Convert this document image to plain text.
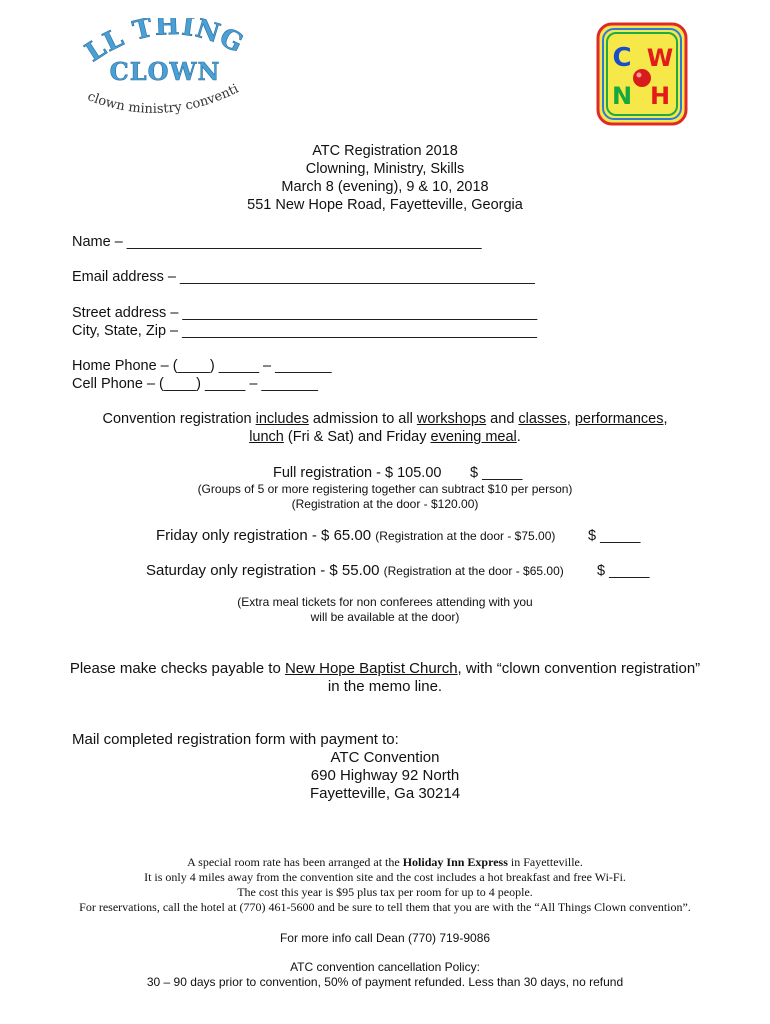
LL THING
CLOWN
clown ministry conventi
C W
N H
ATC Registration 2018
Clowning, Ministry, Skills
March 8 (evening), 9 & 10, 2018
551 New Hope Road, Fayetteville, Georgia
Name – ____________________________________________
Email address – ____________________________________________
Street address – ____________________________________________
City, State, Zip – ____________________________________________
Home Phone – (____) _____ – _______
Cell Phone – (____) _____ – _______
Convention registration includes admission to all workshops and classes, performances,
lunch (Fri & Sat) and Friday evening meal.
Full registration - $ 105.00 $ _____
(Groups of 5 or more registering together can subtract $10 per person)
(Registration at the door - $120.00)
Friday only registration - $ 65.00 (Registration at the door - $75.00) $ _____
Saturday only registration - $ 55.00 (Registration at the door - $65.00) $ _____
(Extra meal tickets for non conferees attending with you
will be available at the door)
Please make checks payable to New Hope Baptist Church, with “clown convention registration”
in the memo line.
Mail completed registration form with payment to:
ATC Convention
690 Highway 92 North
Fayetteville, Ga 30214
A special room rate has been arranged at the Holiday Inn Express in Fayetteville.
It is only 4 miles away from the convention site and the cost includes a hot breakfast and free Wi-Fi.
The cost this year is $95 plus tax per room for up to 4 people.
For reservations, call the hotel at (770) 461-5600 and be sure to tell them that you are with the “All Things Clown convention”.
For more info call Dean (770) 719-9086
ATC convention cancellation Policy:
30 – 90 days prior to convention, 50% of payment refunded. Less than 30 days, no refund
